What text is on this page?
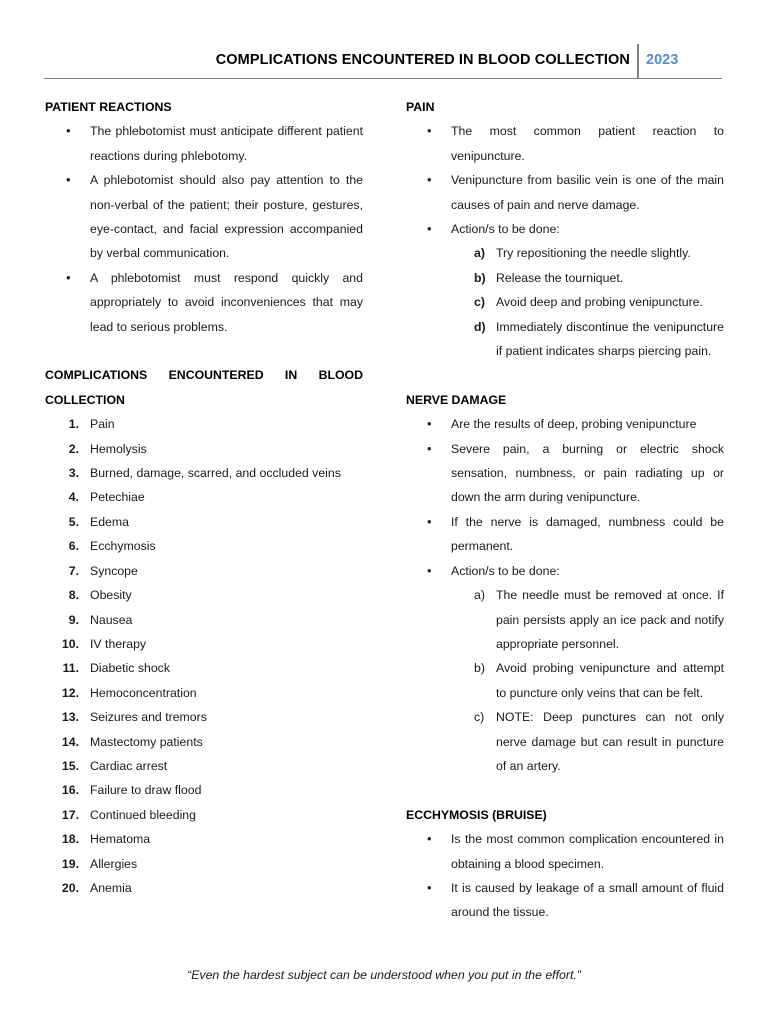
COMPLICATIONS ENCOUNTERED IN BLOOD COLLECTION 2023
PATIENT REACTIONS
• The phlebotomist must anticipate different patient reactions during phlebotomy.
• A phlebotomist should also pay attention to the non-verbal of the patient; their posture, gestures, eye-contact, and facial expression accompanied by verbal communication.
• A phlebotomist must respond quickly and appropriately to avoid inconveniences that may lead to serious problems.
COMPLICATIONS ENCOUNTERED IN BLOOD
COLLECTION
1. Pain
2. Hemolysis
3. Burned, damage, scarred, and occluded veins
4. Petechiae
5. Edema
6. Ecchymosis
7. Syncope
8. Obesity
9. Nausea
10. IV therapy
11. Diabetic shock
12. Hemoconcentration
13. Seizures and tremors
14. Mastectomy patients
15. Cardiac arrest
16. Failure to draw flood
17. Continued bleeding
18. Hematoma
19. Allergies
20. Anemia
PAIN
• The most common patient reaction to venipuncture.
• Venipuncture from basilic vein is one of the main causes of pain and nerve damage.
• Action/s to be done:
a) Try repositioning the needle slightly.
b) Release the tourniquet.
c) Avoid deep and probing venipuncture.
d) Immediately discontinue the venipuncture if patient indicates sharps piercing pain.
NERVE DAMAGE
• Are the results of deep, probing venipuncture
• Severe pain, a burning or electric shock sensation, numbness, or pain radiating up or down the arm during venipuncture.
• If the nerve is damaged, numbness could be permanent.
• Action/s to be done:
a) The needle must be removed at once. If pain persists apply an ice pack and notify appropriate personnel.
b) Avoid probing venipuncture and attempt to puncture only veins that can be felt.
c) NOTE: Deep punctures can not only nerve damage but can result in puncture of an artery.
ECCHYMOSIS (BRUISE)
• Is the most common complication encountered in obtaining a blood specimen.
• It is caused by leakage of a small amount of fluid around the tissue.
“Even the hardest subject can be understood when you put in the effort.”
